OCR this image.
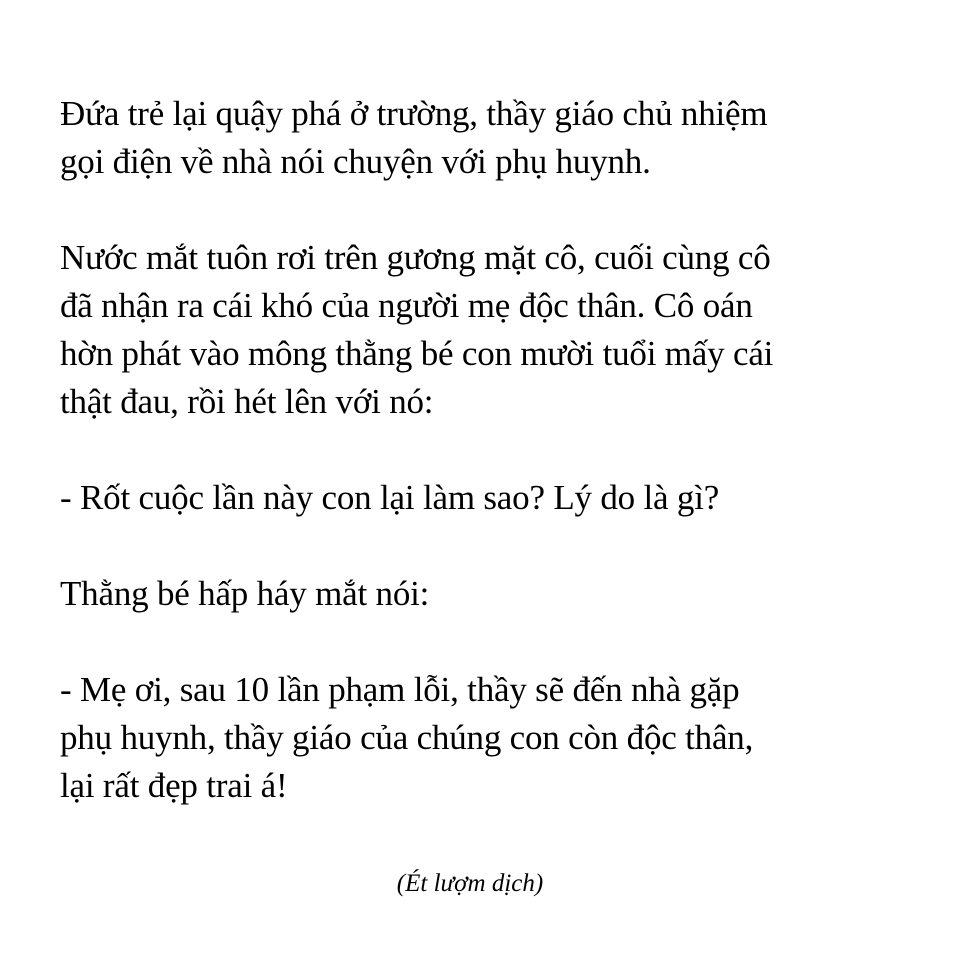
Đứa trẻ lại quậy phá ở trường, thầy giáo chủ nhiệm
gọi điện về nhà nói chuyện với phụ huynh.

Nước mắt tuôn rơi trên gương mặt cô, cuối cùng cô
đã nhận ra cái khó của người mẹ độc thân. Cô oán
hờn phát vào mông thằng bé con mười tuổi mấy cái
thật đau, rồi hét lên với nó:

- Rốt cuộc lần này con lại làm sao? Lý do là gì?

Thằng bé hấp háy mắt nói:

- Mẹ ơi, sau 10 lần phạm lỗi, thầy sẽ đến nhà gặp
phụ huynh, thầy giáo của chúng con còn độc thân,
lại rất đẹp trai á!

(Ét lượm dịch)
